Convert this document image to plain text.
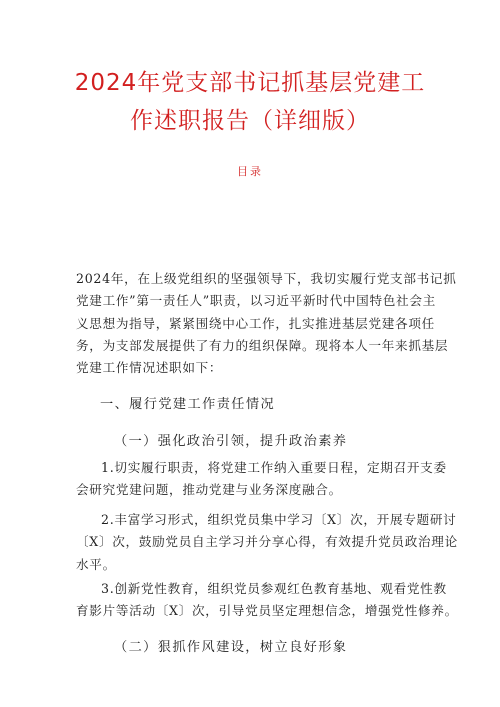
2024年党支部书记抓基层党建工
作述职报告（详细版）
目录
2024年，在上级党组织的坚强领导下，我切实履行党支部书记抓
党建工作”第一责任人”职责，以习近平新时代中国特色社会主
义思想为指导，紧紧围绕中心工作，扎实推进基层党建各项任
务，为支部发展提供了有力的组织保障。现将本人一年来抓基层
党建工作情况述职如下：
一、履行党建工作责任情况
（一）强化政治引领，提升政治素养
1.切实履行职责，将党建工作纳入重要日程，定期召开支委
会研究党建问题，推动党建与业务深度融合。
2.丰富学习形式，组织党员集中学习〔X〕次，开展专题研讨
〔X〕次，鼓励党员自主学习并分享心得，有效提升党员政治理论
水平。
3.创新党性教育，组织党员参观红色教育基地、观看党性教
育影片等活动〔X〕次，引导党员坚定理想信念，增强党性修养。
（二）狠抓作风建设，树立良好形象
